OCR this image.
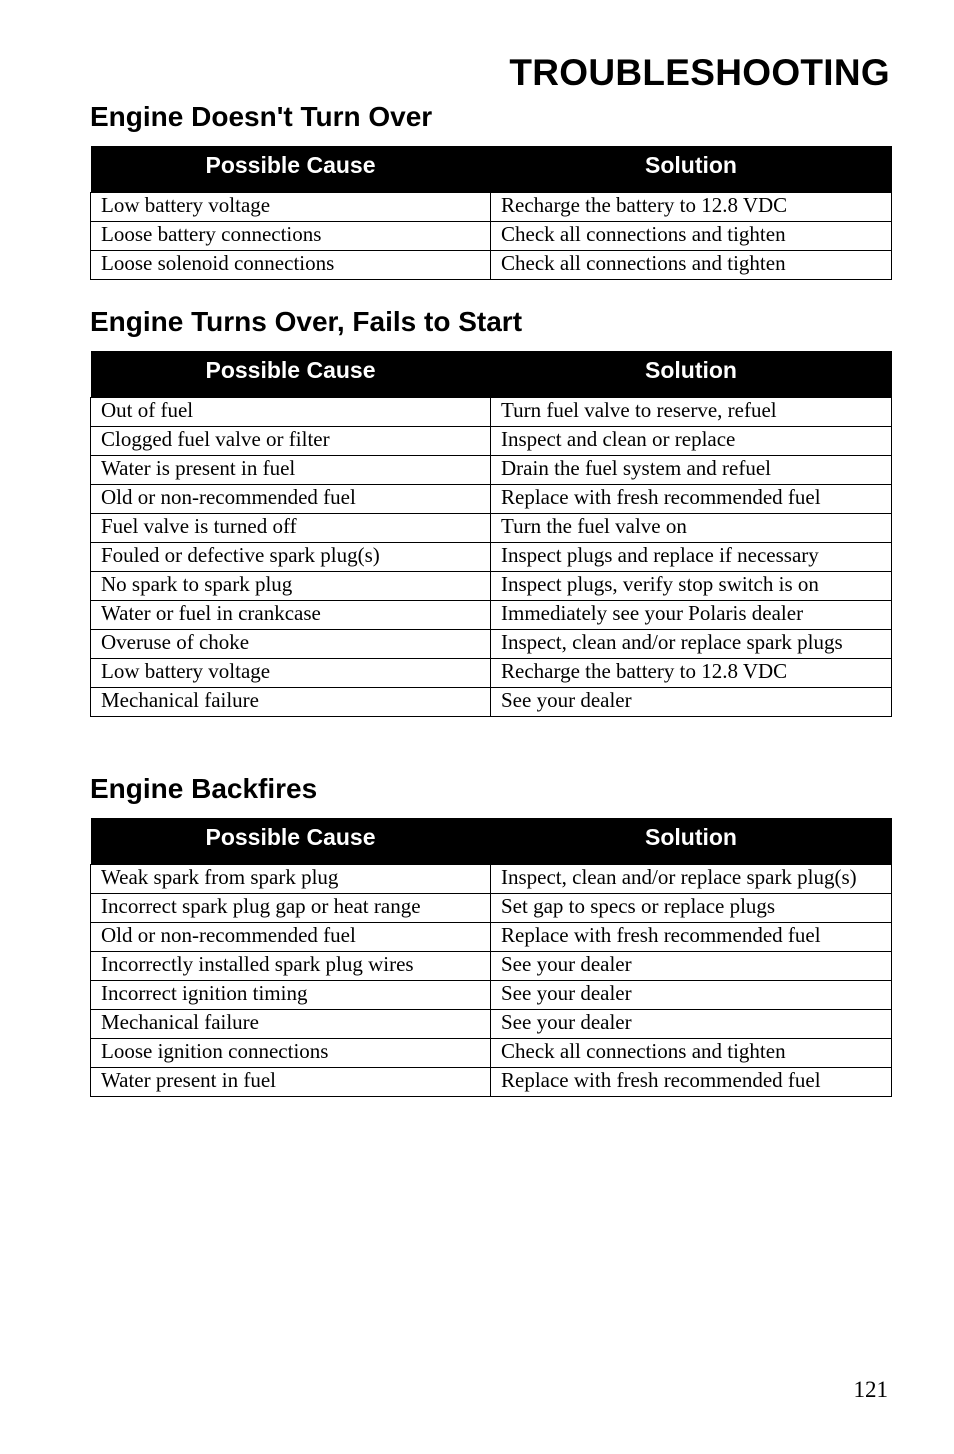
TROUBLESHOOTING
Engine Doesn't Turn Over
Possible Cause	Solution
Low battery voltage	Recharge the battery to 12.8 VDC
Loose battery connections	Check all connections and tighten
Loose solenoid connections	Check all connections and tighten
Engine Turns Over, Fails to Start
Possible Cause	Solution
Out of fuel	Turn fuel valve to reserve, refuel
Clogged fuel valve or filter	Inspect and clean or replace
Water is present in fuel	Drain the fuel system and refuel
Old or non-recommended fuel	Replace with fresh recommended fuel
Fuel valve is turned off	Turn the fuel valve on
Fouled or defective spark plug(s)	Inspect plugs and replace if necessary
No spark to spark plug	Inspect plugs, verify stop switch is on
Water or fuel in crankcase	Immediately see your Polaris dealer
Overuse of choke	Inspect, clean and/or replace spark plugs
Low battery voltage	Recharge the battery to 12.8 VDC
Mechanical failure	See your dealer
Engine Backfires
Possible Cause	Solution
Weak spark from spark plug	Inspect, clean and/or replace spark plug(s)
Incorrect spark plug gap or heat range	Set gap to specs or replace plugs
Old or non-recommended fuel	Replace with fresh recommended fuel
Incorrectly installed spark plug wires	See your dealer
Incorrect ignition timing	See your dealer
Mechanical failure	See your dealer
Loose ignition connections	Check all connections and tighten
Water present in fuel	Replace with fresh recommended fuel
121
